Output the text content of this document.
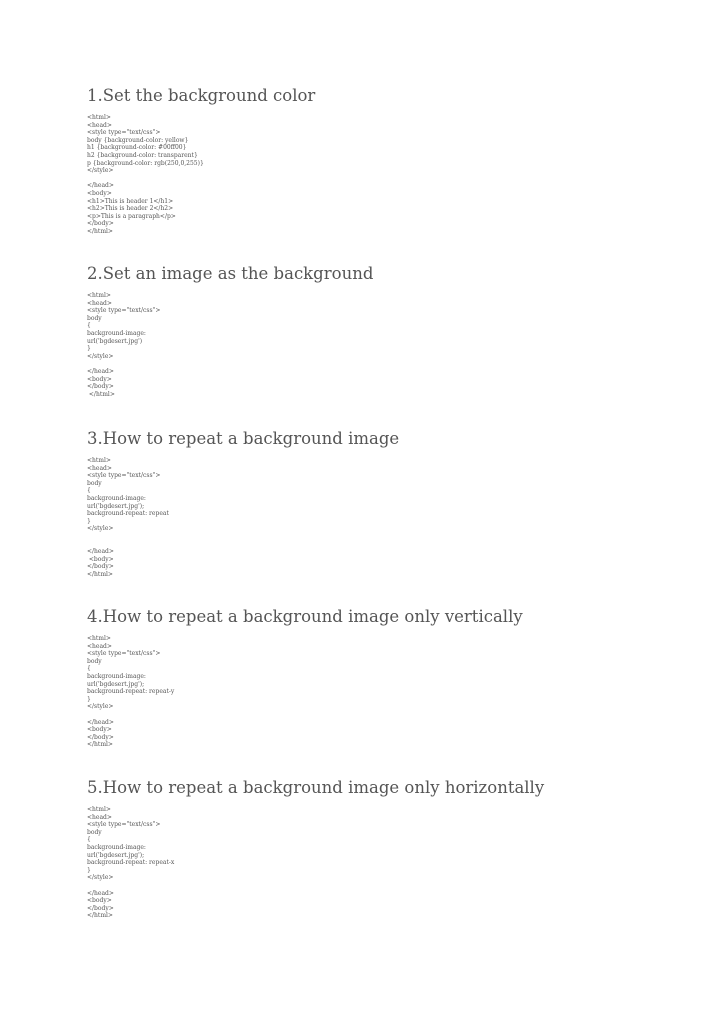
1.Set the background color
<html>
<head>
<style type="text/css">
body {background-color: yellow}
h1 {background-color: #00ff00}
h2 {background-color: transparent}
p {background-color: rgb(250,0,255)}
</style>
</head>
<body>
<h1>This is header 1</h1>
<h2>This is header 2</h2>
<p>This is a paragraph</p>
</body>
</html>
2.Set an image as the background
<html>
<head>
<style type="text/css">
body
{
background-image:
url('bgdesert.jpg')
}
</style>
</head>
<body>
</body>
</html>
3.How to repeat a background image
<html>
<head>
<style type="text/css">
body
{
background-image:
url('bgdesert.jpg');
background-repeat: repeat
}
</style>
</head>
<body>
</body>
</html>
4.How to repeat a background image only vertically
<html>
<head>
<style type="text/css">
body
{
background-image:
url('bgdesert.jpg');
background-repeat: repeat-y
}
</style>
</head>
<body>
</body>
</html>
5.How to repeat a background image only horizontally
<html>
<head>
<style type="text/css">
body
{
background-image:
url('bgdesert.jpg');
background-repeat: repeat-x
}
</style>
</head>
<body>
</body>
</html>
